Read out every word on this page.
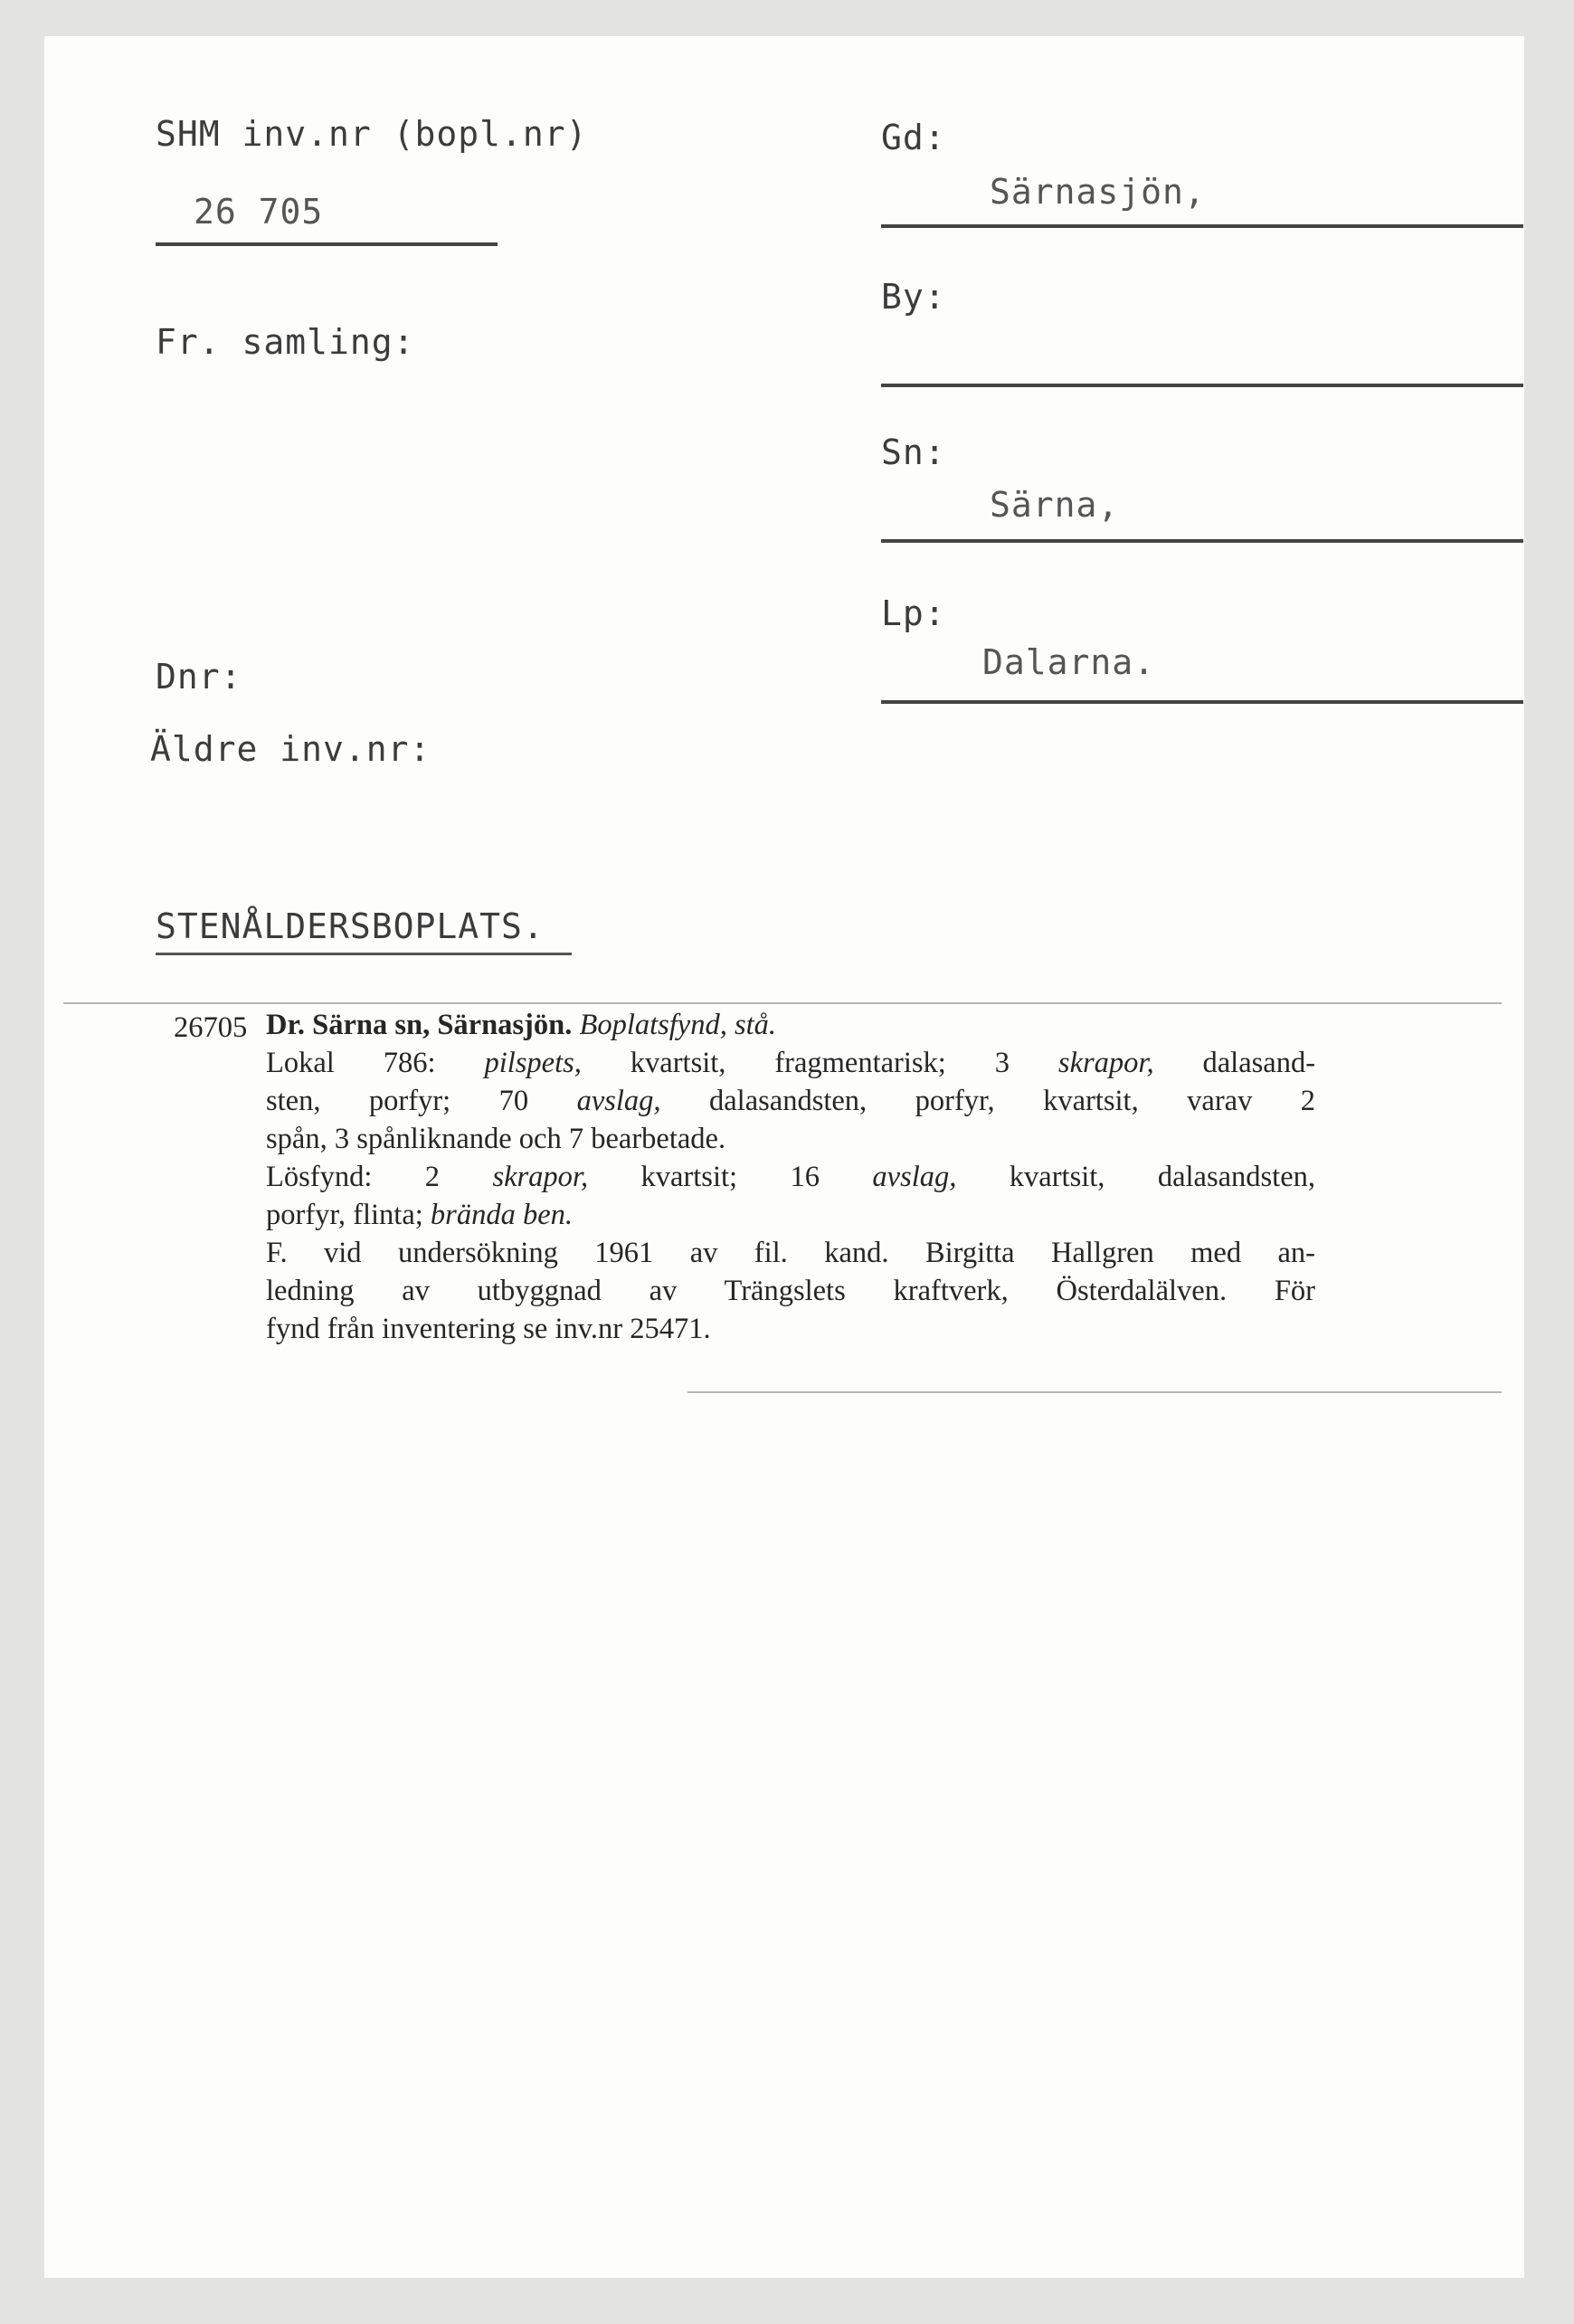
SHM inv.nr (bopl.nr)
26 705
Fr. samling:
Dnr:
Äldre inv.nr:
STENÅLDERSBOPLATS.
Gd:
Särnasjön,
By:
Sn:
Särna,
Lp:
Dalarna.
26705 Dr. Särna sn, Särnasjön. Boplatsfynd, stå.
Lokal 786: pilspets, kvartsit, fragmentarisk; 3 skrapor, dalasand-
sten, porfyr; 70 avslag, dalasandsten, porfyr, kvartsit, varav 2
spån, 3 spånliknande och 7 bearbetade.
Lösfynd: 2 skrapor, kvartsit; 16 avslag, kvartsit, dalasandsten,
porfyr, flinta; brända ben.
F. vid undersökning 1961 av fil. kand. Birgitta Hallgren med an-
ledning av utbyggnad av Trängslets kraftverk, Österdalälven. För
fynd från inventering se inv.nr 25471.
